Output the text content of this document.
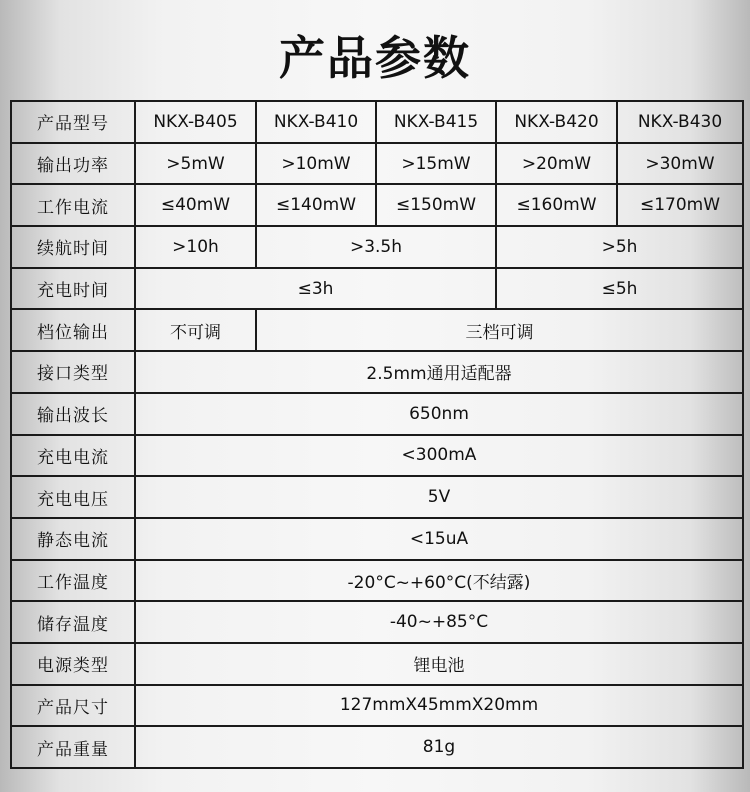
产品参数
产品型号	NKX-B405	NKX-B410	NKX-B415	NKX-B420	NKX-B430
输出功率	>5mW	>10mW	>15mW	>20mW	>30mW
工作电流	≤40mW	≤140mW	≤150mW	≤160mW	≤170mW
续航时间	>10h	>3.5h		>5h	
充电时间	≤3h			≤5h	
档位输出	不可调	三档可调			
接口类型	2.5mm通用适配器				
输出波长	650nm				
充电电流	<300mA				
充电电压	5V				
静态电流	<15uA				
工作温度	-20°C~+60°C(不结露)				
储存温度	-40~+85°C				
电源类型	锂电池				
产品尺寸	127mmX45mmX20mm				
产品重量	81g				
